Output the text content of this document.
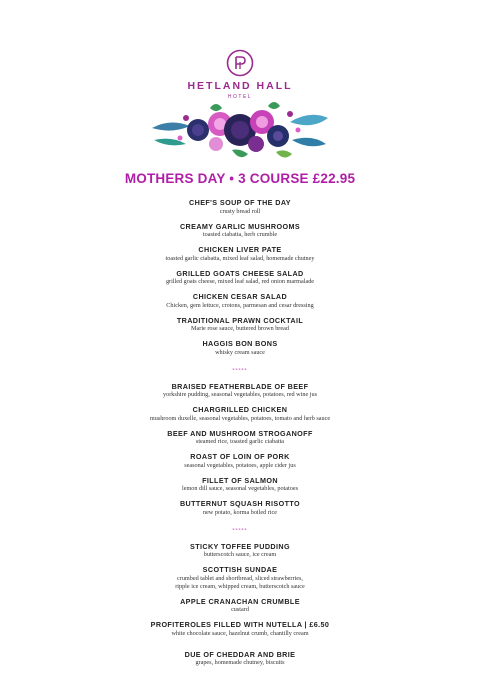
HETLAND HALL
HOTEL
MOTHERS DAY • 3 COURSE £22.95
CHEF'S SOUP OF THE DAY
crusty bread roll
CREAMY GARLIC MUSHROOMS
toasted ciabatta, herb crumble
CHICKEN LIVER PATE
toasted garlic ciabatta, mixed leaf salad, homemade chutney
GRILLED GOATS CHEESE SALAD
grilled goats cheese, mixed leaf salad, red onion marmalade
CHICKEN CESAR SALAD
Chicken, gem lettuce, crotons, parmesan and cesar dressing
TRADITIONAL PRAWN COCKTAIL
Marie rose sauce, buttered brown bread
HAGGIS BON BONS
whisky cream sauce
-----
BRAISED FEATHERBLADE OF BEEF
yorkshire pudding, seasonal vegetables, potatoes, red wine jus
CHARGRILLED CHICKEN
mushroom duxelle, seasonal vegetables, potatoes, tomato and herb sauce
BEEF AND MUSHROOM STROGANOFF
steamed rice, toasted garlic ciabatta
ROAST OF LOIN OF PORK
seasonal vegetables, potatoes, apple cider jus
FILLET OF SALMON
lemon dill sauce, seasonal vegetables, potatoes
BUTTERNUT SQUASH RISOTTO
new potato, korma boiled rice
-----
STICKY TOFFEE PUDDING
butterscotch sauce, ice cream
SCOTTISH SUNDAE
crumbed tablet and shortbread, sliced strawberries,
ripple ice cream, whipped cream, butterscotch sauce
APPLE CRANACHAN CRUMBLE
custard
PROFITEROLES FILLED WITH NUTELLA | £6.50
white chocolate sauce, hazelnut crumb, chantilly cream
DUE OF CHEDDAR AND BRIE
grapes, homemade chutney, biscuits
